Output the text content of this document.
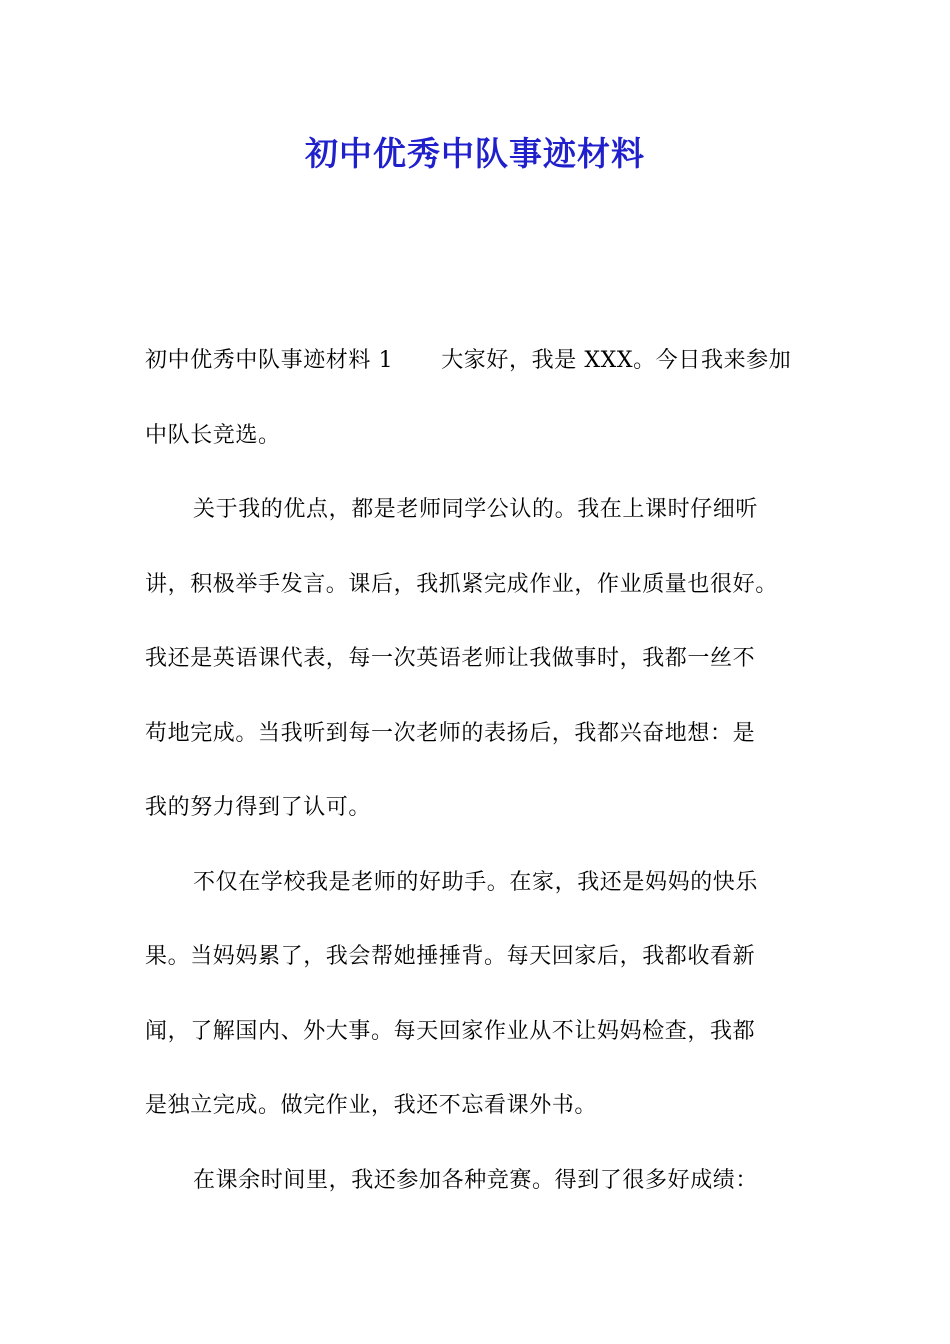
初中优秀中队事迹材料
初中优秀中队事迹材料 1 大家好，我是 XXX。今日我来参加
中队长竞选。
关于我的优点，都是老师同学公认的。我在上课时仔细听
讲，积极举手发言。课后，我抓紧完成作业，作业质量也很好。
我还是英语课代表，每一次英语老师让我做事时，我都一丝不
苟地完成。当我听到每一次老师的表扬后，我都兴奋地想：是
我的努力得到了认可。
不仅在学校我是老师的好助手。在家，我还是妈妈的快乐
果。当妈妈累了，我会帮她捶捶背。每天回家后，我都收看新
闻，了解国内、外大事。每天回家作业从不让妈妈检查，我都
是独立完成。做完作业，我还不忘看课外书。
在课余时间里，我还参加各种竞赛。得到了很多好成绩：
